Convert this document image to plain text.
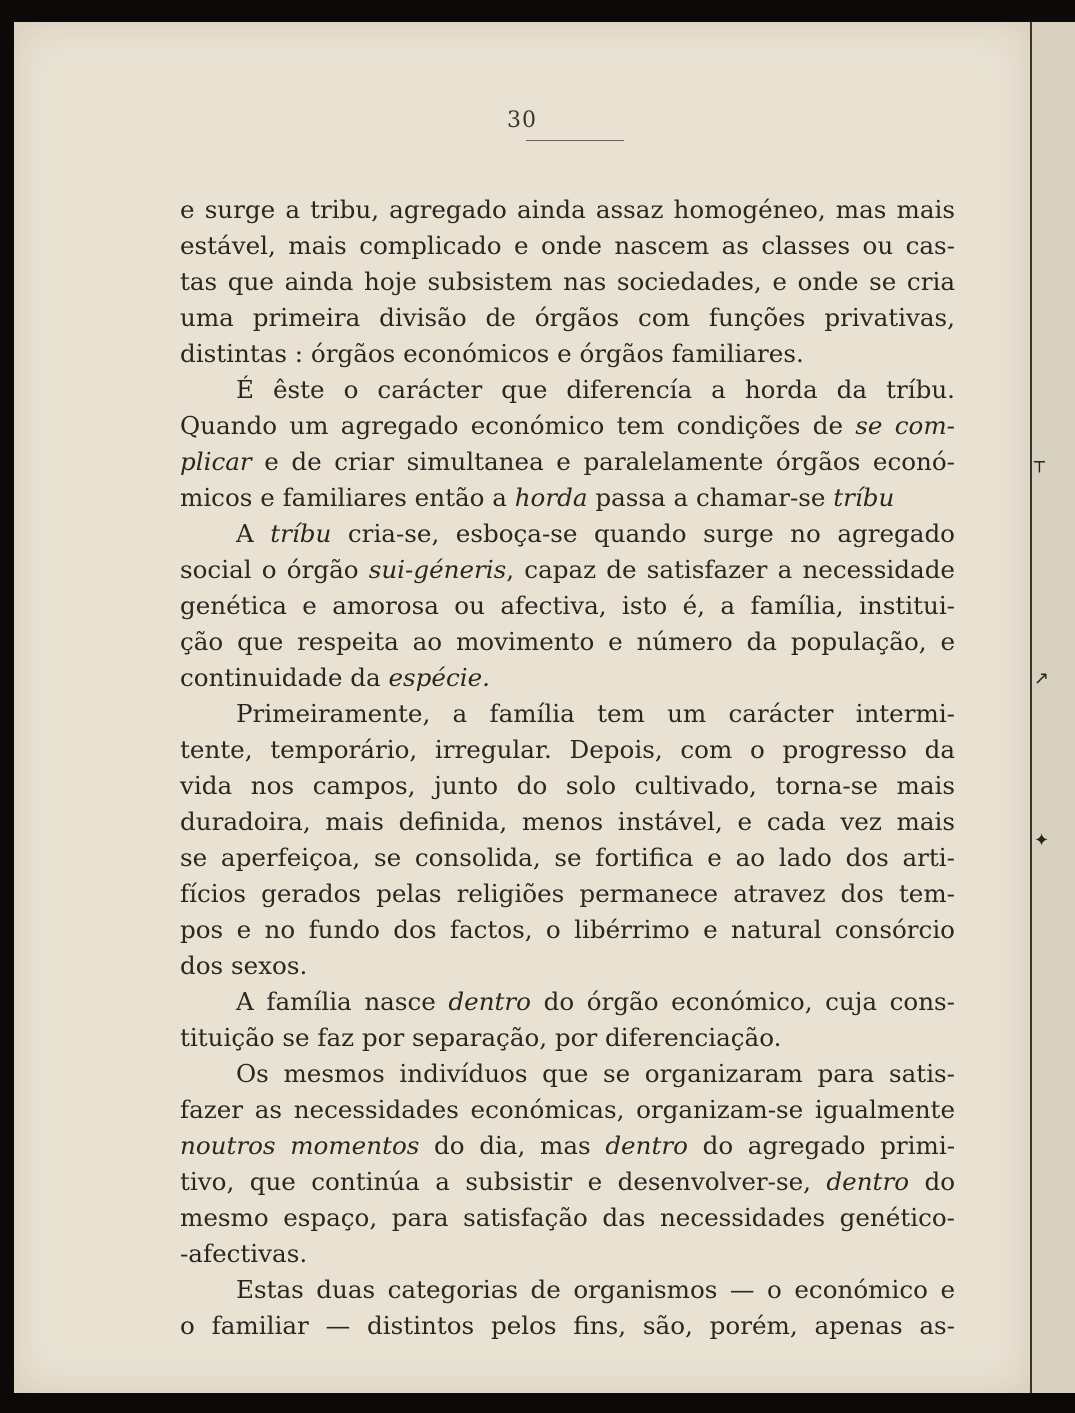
┬
↗
✦
30
e surge a tribu, agregado ainda assaz homogéneo, mas mais
estável, mais complicado e onde nascem as classes ou cas-
tas que ainda hoje subsistem nas sociedades, e onde se cria
uma primeira divisão de órgãos com funções privativas,
distintas : órgãos económicos e órgãos familiares.
É êste o carácter que diferencía a horda da tríbu.
Quando um agregado económico tem condições de se com-
plicar e de criar simultanea e paralelamente órgãos econó-
micos e familiares então a horda passa a chamar-se tríbu
A tríbu cria-se, esboça-se quando surge no agregado
social o órgão sui-géneris, capaz de satisfazer a necessidade
genética e amorosa ou afectiva, isto é, a família, institui-
ção que respeita ao movimento e número da população, e
continuidade da espécie.
Primeiramente, a família tem um carácter intermi-
tente, temporário, irregular. Depois, com o progresso da
vida nos campos, junto do solo cultivado, torna-se mais
duradoira, mais definida, menos instável, e cada vez mais
se aperfeiçoa, se consolida, se fortifica e ao lado dos arti-
fícios gerados pelas religiões permanece atravez dos tem-
pos e no fundo dos factos, o libérrimo e natural consórcio
dos sexos.
A família nasce dentro do órgão económico, cuja cons-
tituição se faz por separação, por diferenciação.
Os mesmos indivíduos que se organizaram para satis-
fazer as necessidades económicas, organizam-se igualmente
noutros momentos do dia, mas dentro do agregado primi-
tivo, que continúa a subsistir e desenvolver-se, dentro do
mesmo espaço, para satisfação das necessidades genético-
-afectivas.
Estas duas categorias de organismos — o económico e
o familiar — distintos pelos fins, são, porém, apenas as-
